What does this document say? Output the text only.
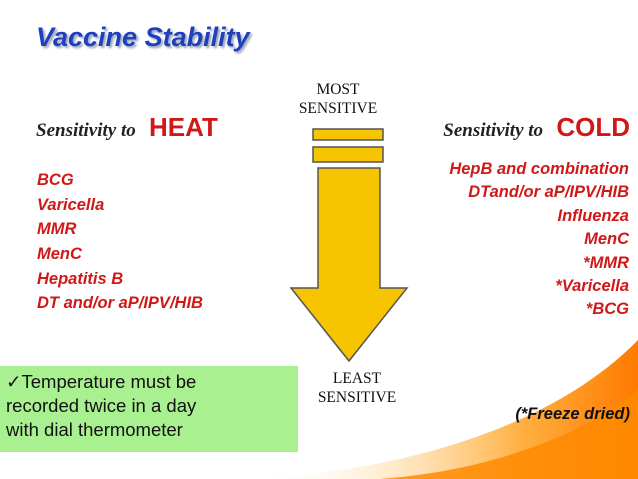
Vaccine Stability
Sensitivity to HEAT
BCG
Varicella
MMR
MenC
Hepatitis B
DT and/or aP/IPV/HIB
MOST
SENSITIVE
LEAST
SENSITIVE
Sensitivity to COLD
HepB and combination
DTand/or aP/IPV/HIB
Influenza
MenC
*MMR
*Varicella
*BCG
✓Temperature must be
recorded twice in a day
with dial thermometer
(*Freeze dried)
